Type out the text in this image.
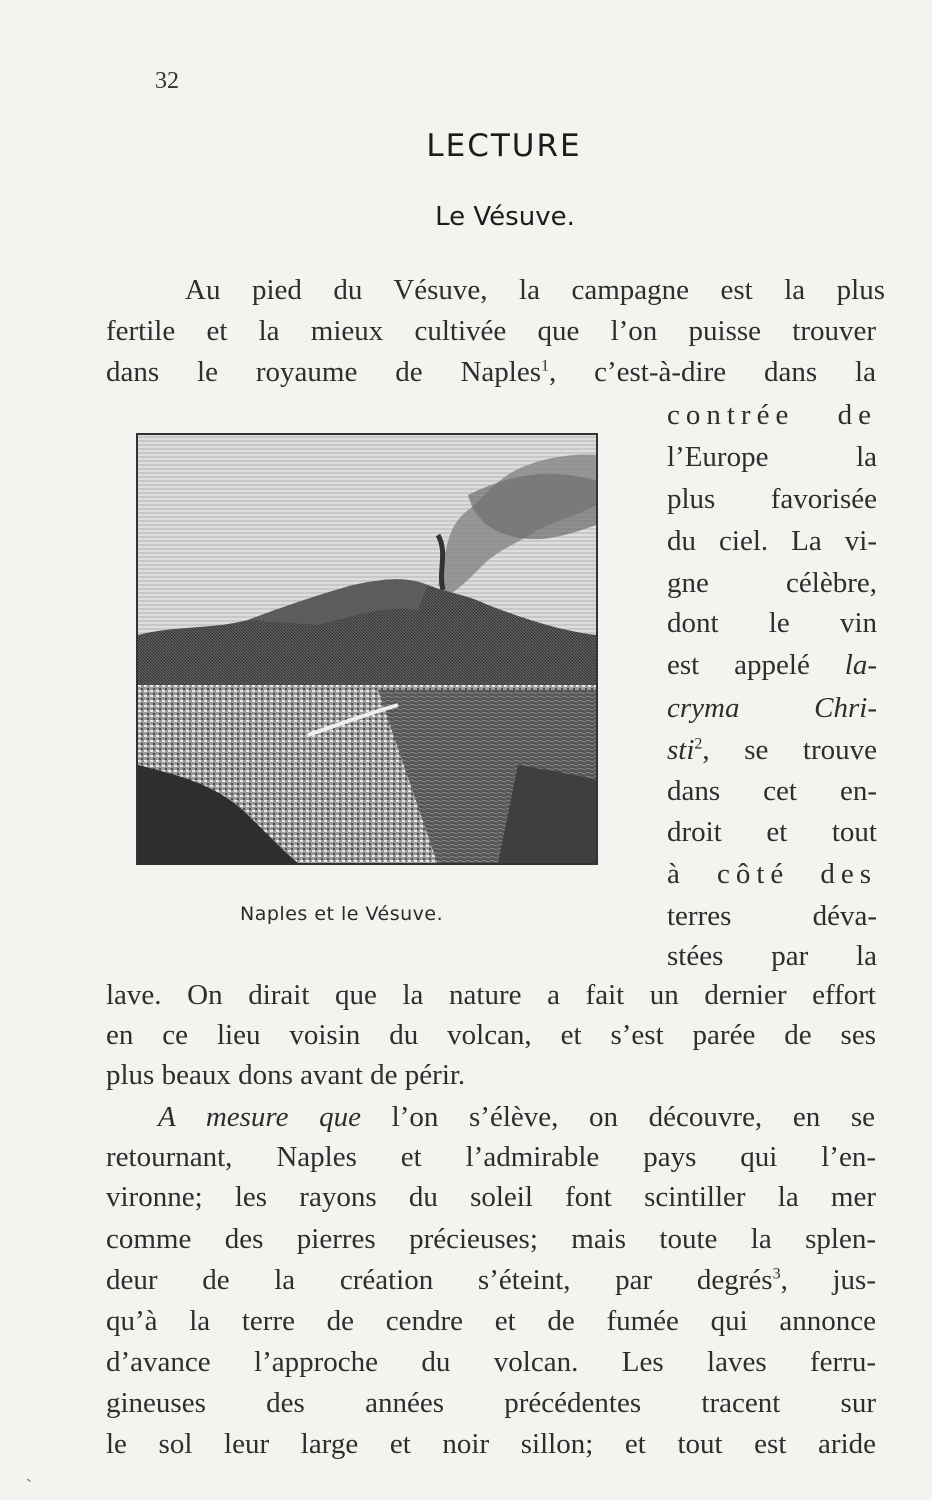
32
LECTURE
Le Vésuve.
Au pied du Vésuve, la campagne est la plus
fertile et la mieux cultivée que l’on puisse trouver
dans le royaume de Naples$^1$, c’est-à-dire dans la
contrée de
l’Europe la
plus favorisée
du ciel. La vi-
gne célèbre,
dont le vin
est appelé la-
cryma Chri-
sti$^2$, se trouve
dans cet en-
droit et tout
à côté des
terres déva-
stées par la
Naples et le Vésuve.
lave. On dirait que la nature a fait un dernier effort
en ce lieu voisin du volcan, et s’est parée de ses
plus beaux dons avant de périr.
A mesure que l’on s’élève, on découvre, en se
retournant, Naples et l’admirable pays qui l’en-
vironne; les rayons du soleil font scintiller la mer
comme des pierres précieuses; mais toute la splen-
deur de la création s’éteint, par degrés$^3$, jus-
qu’à la terre de cendre et de fumée qui annonce
d’avance l’approche du volcan. Les laves ferru-
gineuses des années précédentes tracent sur
le sol leur large et noir sillon; et tout est aride
ˏ
